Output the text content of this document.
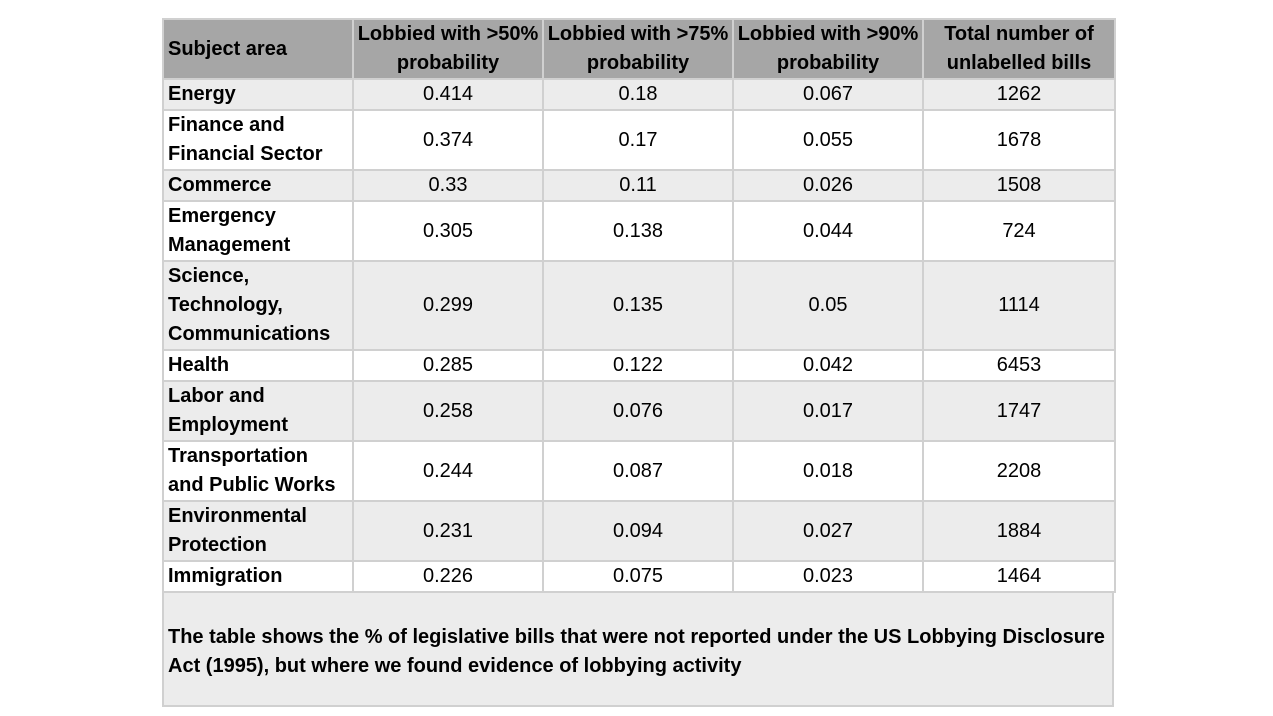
Subject area	Lobbied with >50% probability	Lobbied with >75% probability	Lobbied with >90% probability	Total number of unlabelled bills
Energy	0.414	0.18	0.067	1262
Finance and Financial Sector	0.374	0.17	0.055	1678
Commerce	0.33	0.11	0.026	1508
Emergency Management	0.305	0.138	0.044	724
Science, Technology, Communications	0.299	0.135	0.05	1114
Health	0.285	0.122	0.042	6453
Labor and Employment	0.258	0.076	0.017	1747
Transportation and Public Works	0.244	0.087	0.018	2208
Environmental Protection	0.231	0.094	0.027	1884
Immigration	0.226	0.075	0.023	1464
The table shows the % of legislative bills that were not reported under the US Lobbying Disclosure Act (1995), but where we found evidence of lobbying activity
